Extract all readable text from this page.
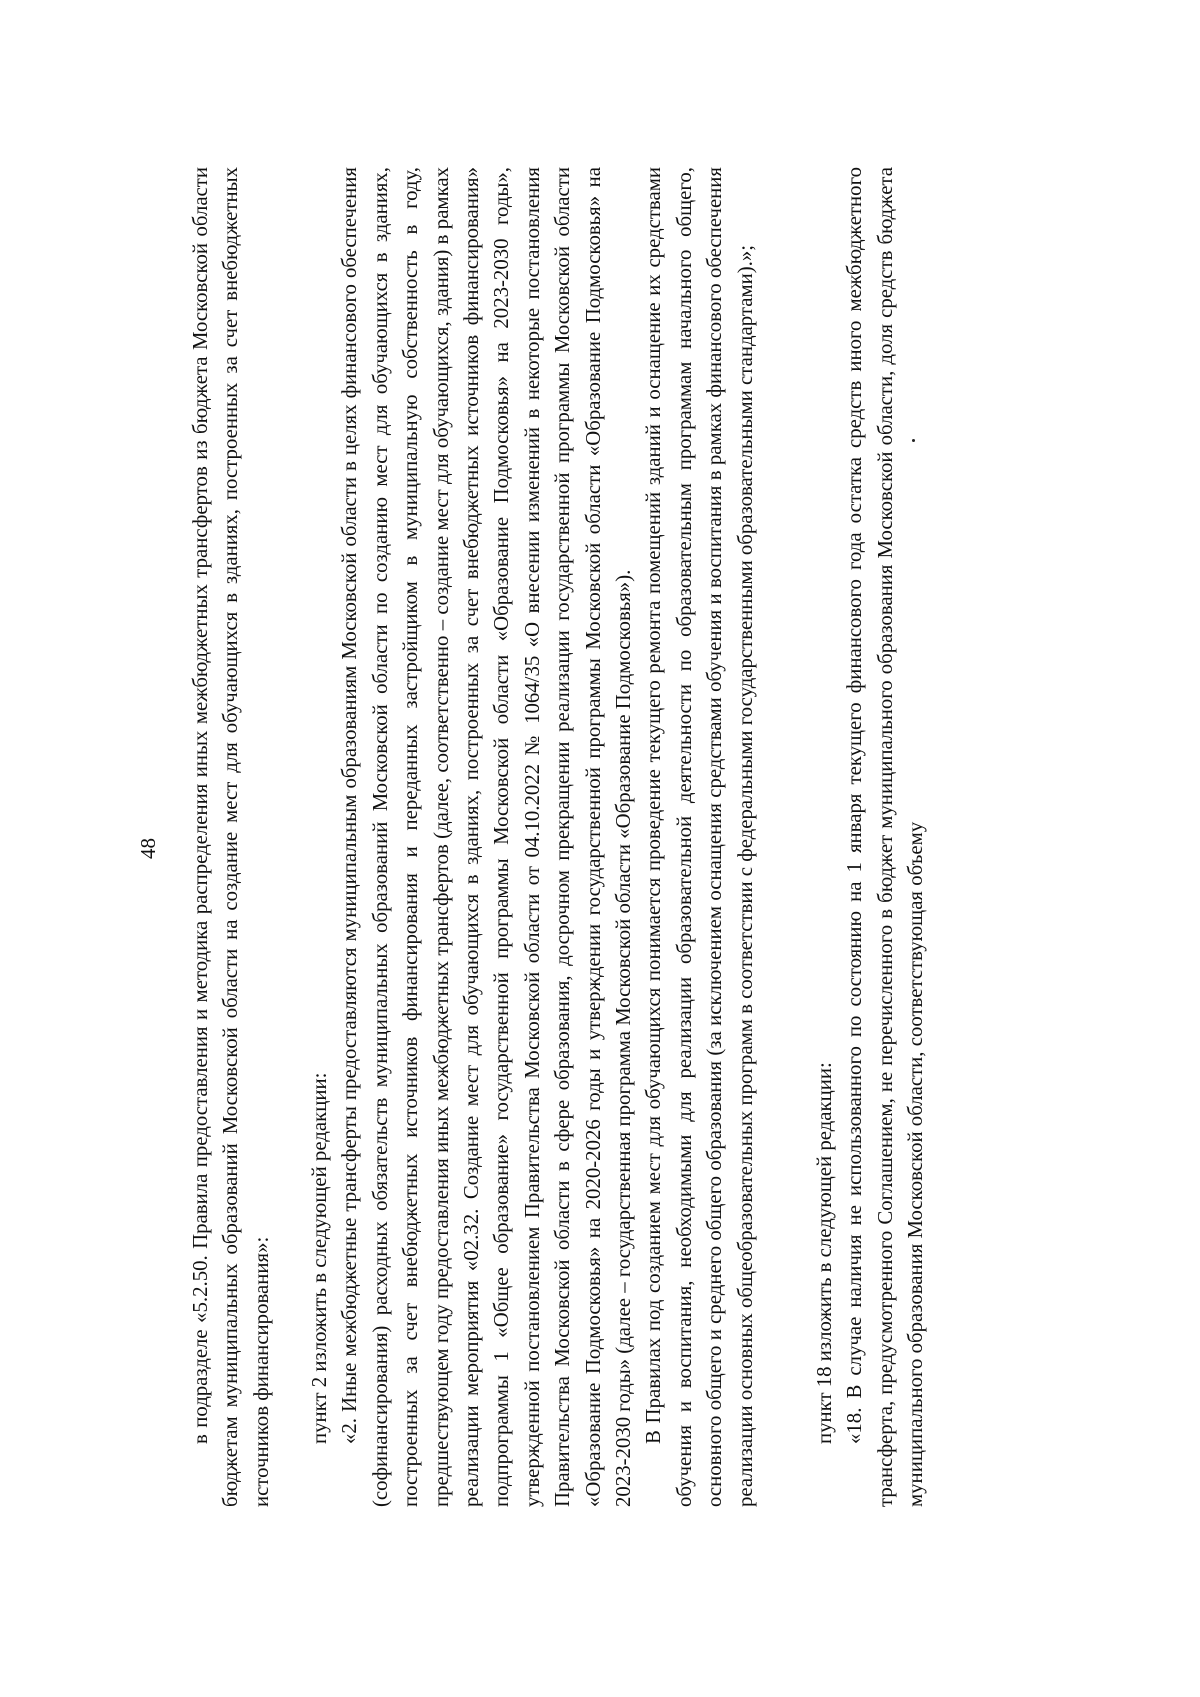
48 в подразделе «5.2.50. Правила предоставления и методика распределения иных межбюджетных трансфертов из бюджета Московской области бюджетам муниципальных образований Московской области на создание мест для обучающихся в зданиях, построенных за счет внебюджетных источников финансирования»: пункт 2 изложить в следующей редакции: «2. Иные межбюджетные трансферты предоставляются муниципальным образованиям Московской области в целях финансового обеспечения (софинансирования) расходных обязательств муниципальных образований Московской области по созданию мест для обучающихся в зданиях, построенных за счет внебюджетных источников финансирования и переданных застройщиком в муниципальную собственность в году, предшествующем году предоставления иных межбюджетных трансфертов (далее, соответственно – создание мест для обучающихся, здания) в рамках реализации мероприятия «02.32. Создание мест для обучающихся в зданиях, построенных за счет внебюджетных источников финансирования» подпрограммы 1 «Общее образование» государственной программы Московской области «Образование Подмосковья» на 2023-2030 годы», утвержденной постановлением Правительства Московской области от 04.10.2022 № 1064/35 «О внесении изменений в некоторые постановления Правительства Московской области в сфере образования, досрочном прекращении реализации государственной программы Московской области «Образование Подмосковья» на 2020-2026 годы и утверждении государственной программы Московской области «Образование Подмосковья» на 2023-2030 годы» (далее – государственная программа Московской области «Образование Подмосковья»). В Правилах под созданием мест для обучающихся понимается проведение текущего ремонта помещений зданий и оснащение их средствами обучения и воспитания, необходимыми для реализации образовательной деятельности по образовательным программам начального общего, основного общего и среднего общего образования (за исключением оснащения средствами обучения и воспитания в рамках финансового обеспечения реализации основных общеобразовательных программ в соответствии с федеральными государственными образовательными стандартами).»;	пункт 18 изложить в следующей редакции: «18. В случае наличия не использованного по состоянию на 1 января текущего финансового года остатка средств иного межбюджетного трансферта, предусмотренного Соглашением, не перечисленного в бюджет муниципального образования Московской области, доля средств бюджета муниципального образования Московской области, соответствующая объему
